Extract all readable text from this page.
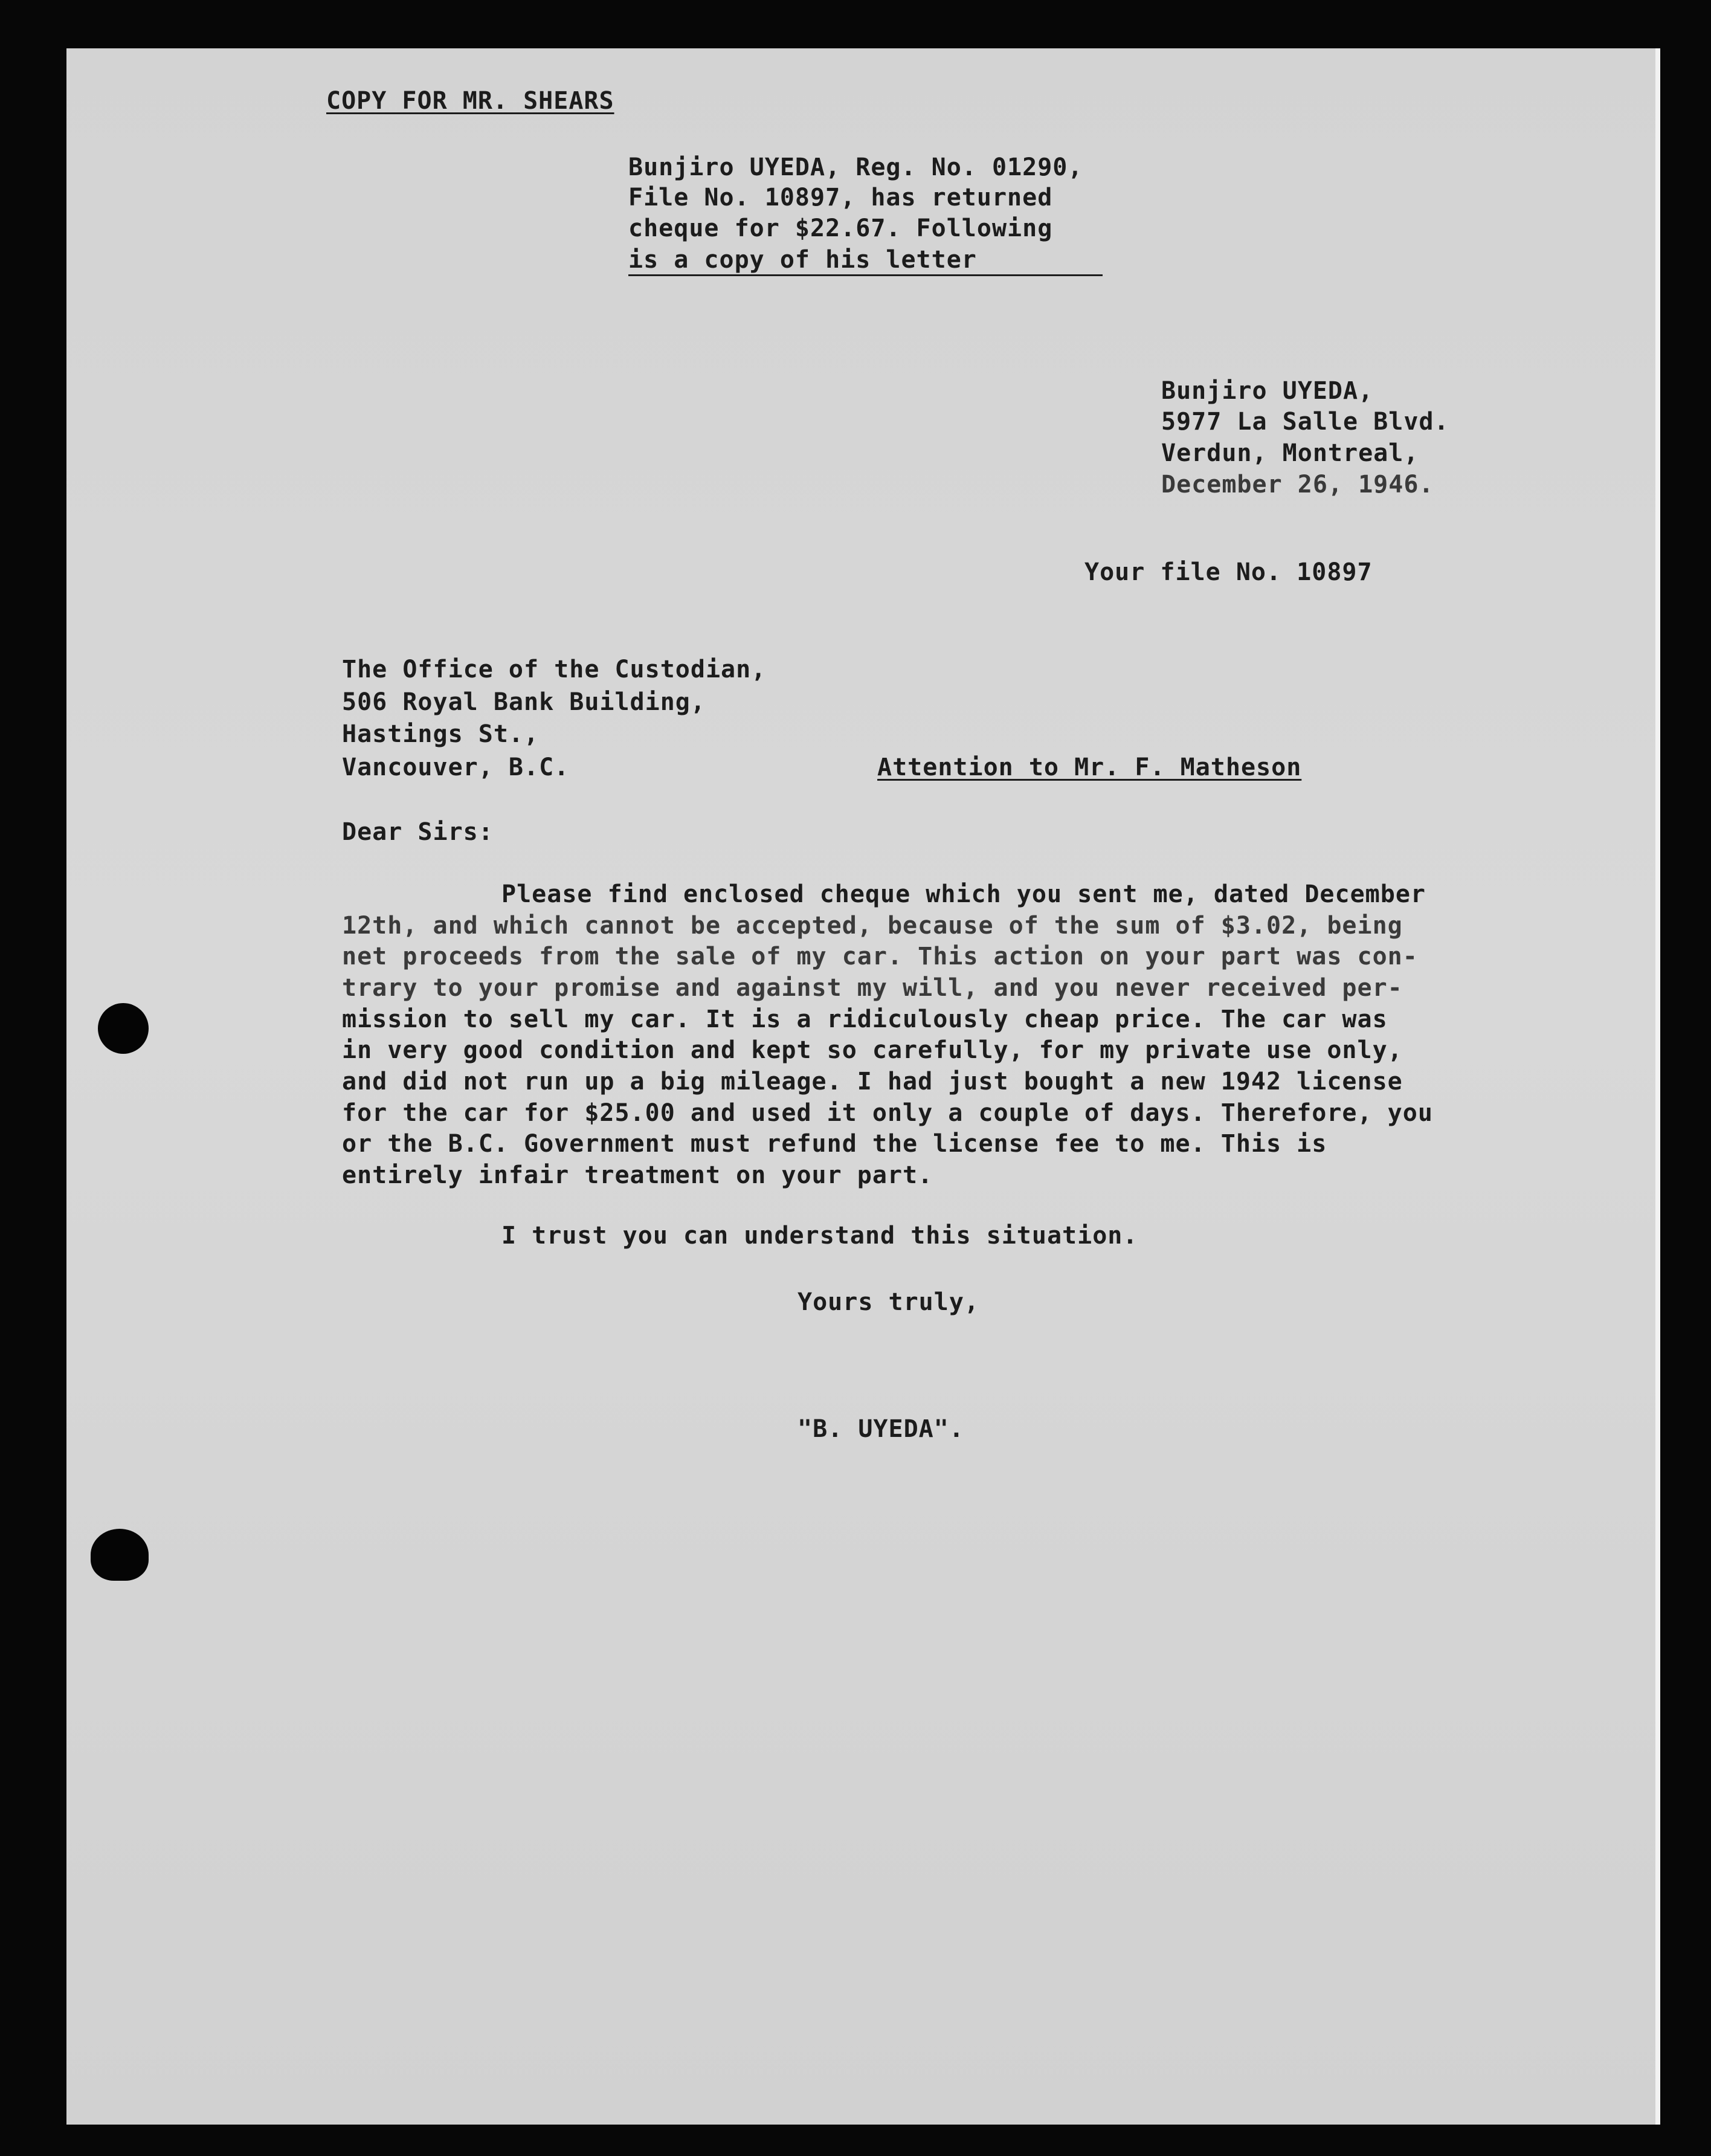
COPY FOR MR. SHEARS

Bunjiro UYEDA, Reg. No. 01290,

File No. 10897, has returned

cheque for $22.67. Following

is a copy of his letter

Bunjiro UYEDA,

5977 La Salle Blvd.

Verdun, Montreal,

December 26, 1946.

Your file No. 10897

The Office of the Custodian,

506 Royal Bank Building,

Hastings St.,

Vancouver, B.C.	Attention to Mr. F. Matheson

Dear Sirs:

Please find enclosed cheque which you sent me, dated December

12th, and which cannot be accepted, because of the sum of $3.02, being

net proceeds from the sale of my car. This action on your part was con-

trary to your promise and against my will, and you never received per-

mission to sell my car. It is a ridiculously cheap price. The car was

in very good condition and kept so carefully, for my private use only,

and did not run up a big mileage. I had just bought a new 1942 license

for the car for $25.00 and used it only a couple of days. Therefore, you

or the B.C. Government must refund the license fee to me. This is

entirely infair treatment on your part.

I trust you can understand this situation.

Yours truly,

"B. UYEDA".
